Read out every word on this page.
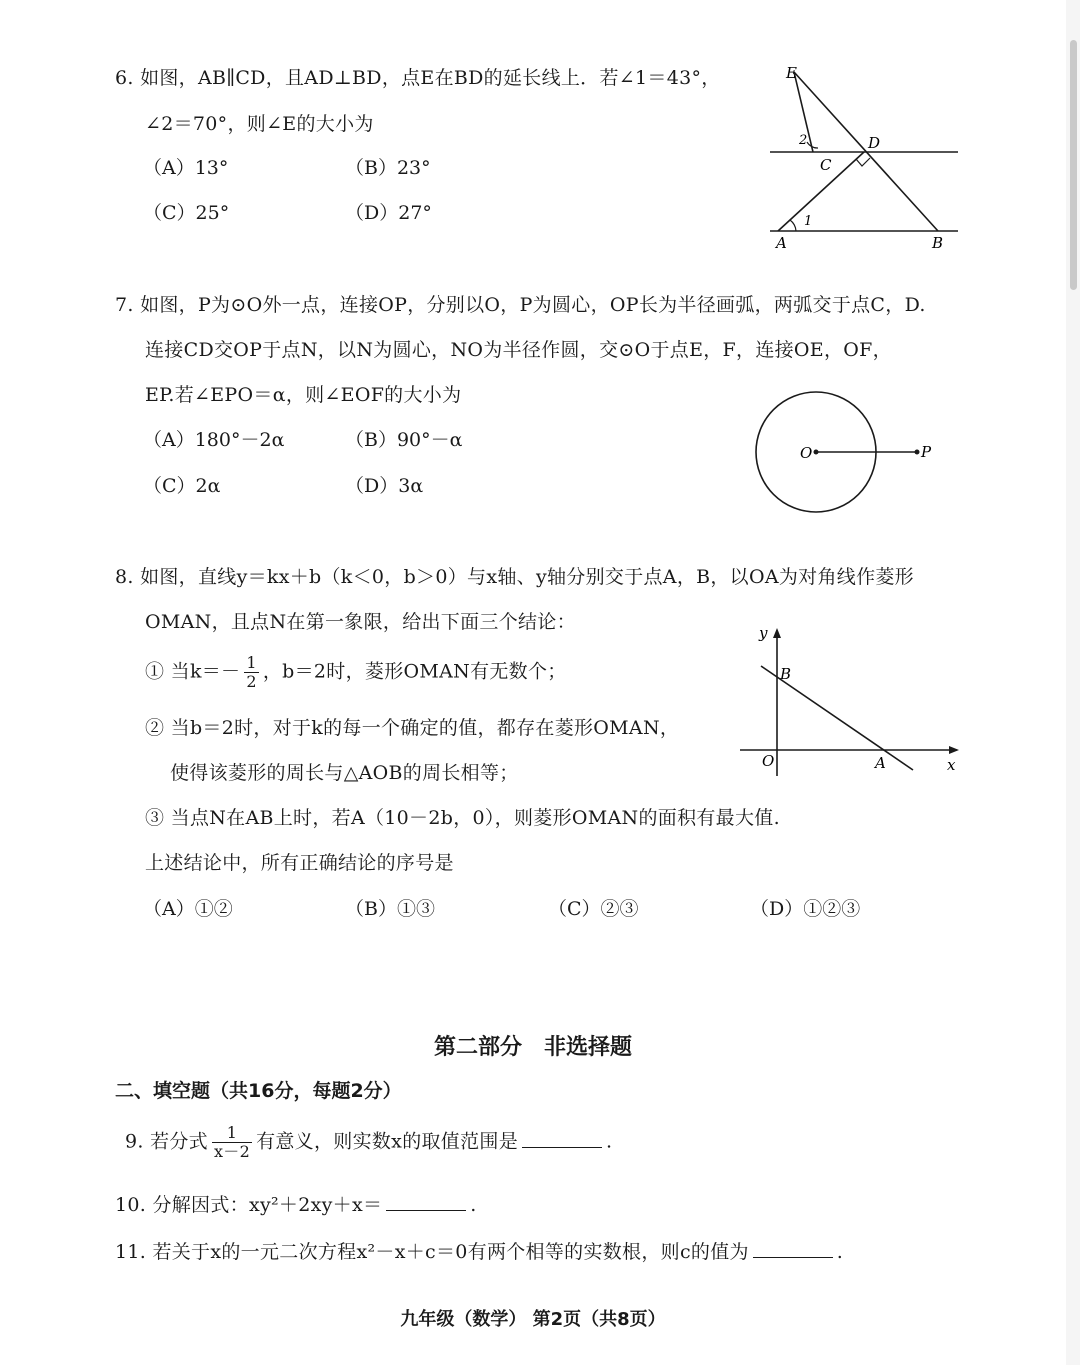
6. 如图，AB∥CD，且AD⊥BD，点E在BD的延长线上．若∠1＝43°，
∠2＝70°，则∠E的大小为
（A）13°	（B）23°
（C）25°	（D）27°
E
D
C
A	B
1
2
7. 如图，P为⊙O外一点，连接OP，分别以O，P为圆心，OP长为半径画弧，两弧交于点C，D.
连接CD交OP于点N，以N为圆心，NO为半径作圆，交⊙O于点E，F，连接OE，OF，
EP.若∠EPO＝α，则∠EOF的大小为
（A）180°－2α	（B）90°－α
（C）2α	（D）3α
O	P
8. 如图，直线y＝kx＋b（k＜0，b＞0）与x轴、y轴分别交于点A，B，以OA为对角线作菱形
OMAN，且点N在第一象限，给出下面三个结论：
① 当$k=- \frac{1}{2}$ ，b＝2时，菱形OMAN有无数个；
② 当b＝2时，对于k的每一个确定的值，都存在菱形OMAN，
使得该菱形的周长与△AOB的周长相等；
③ 当点N在AB上时，若A（10－2b，0），则菱形OMAN的面积有最大值.
上述结论中，所有正确结论的序号是
（A）①②	（B）①③	（C）②③	（D）①②③
y
x
O	A
B
第二部分　非选择题
二、填空题（共16分，每题2分）
9. 若分式 $\frac{1}{x-2}$ 有意义，则实数x的取值范围是	.
10. 分解因式：xy²＋2xy＋x＝	.
11. 若关于x的一元二次方程x²－x＋c＝0有两个相等的实数根，则c的值为	.
九年级（数学） 第2页（共8页）
